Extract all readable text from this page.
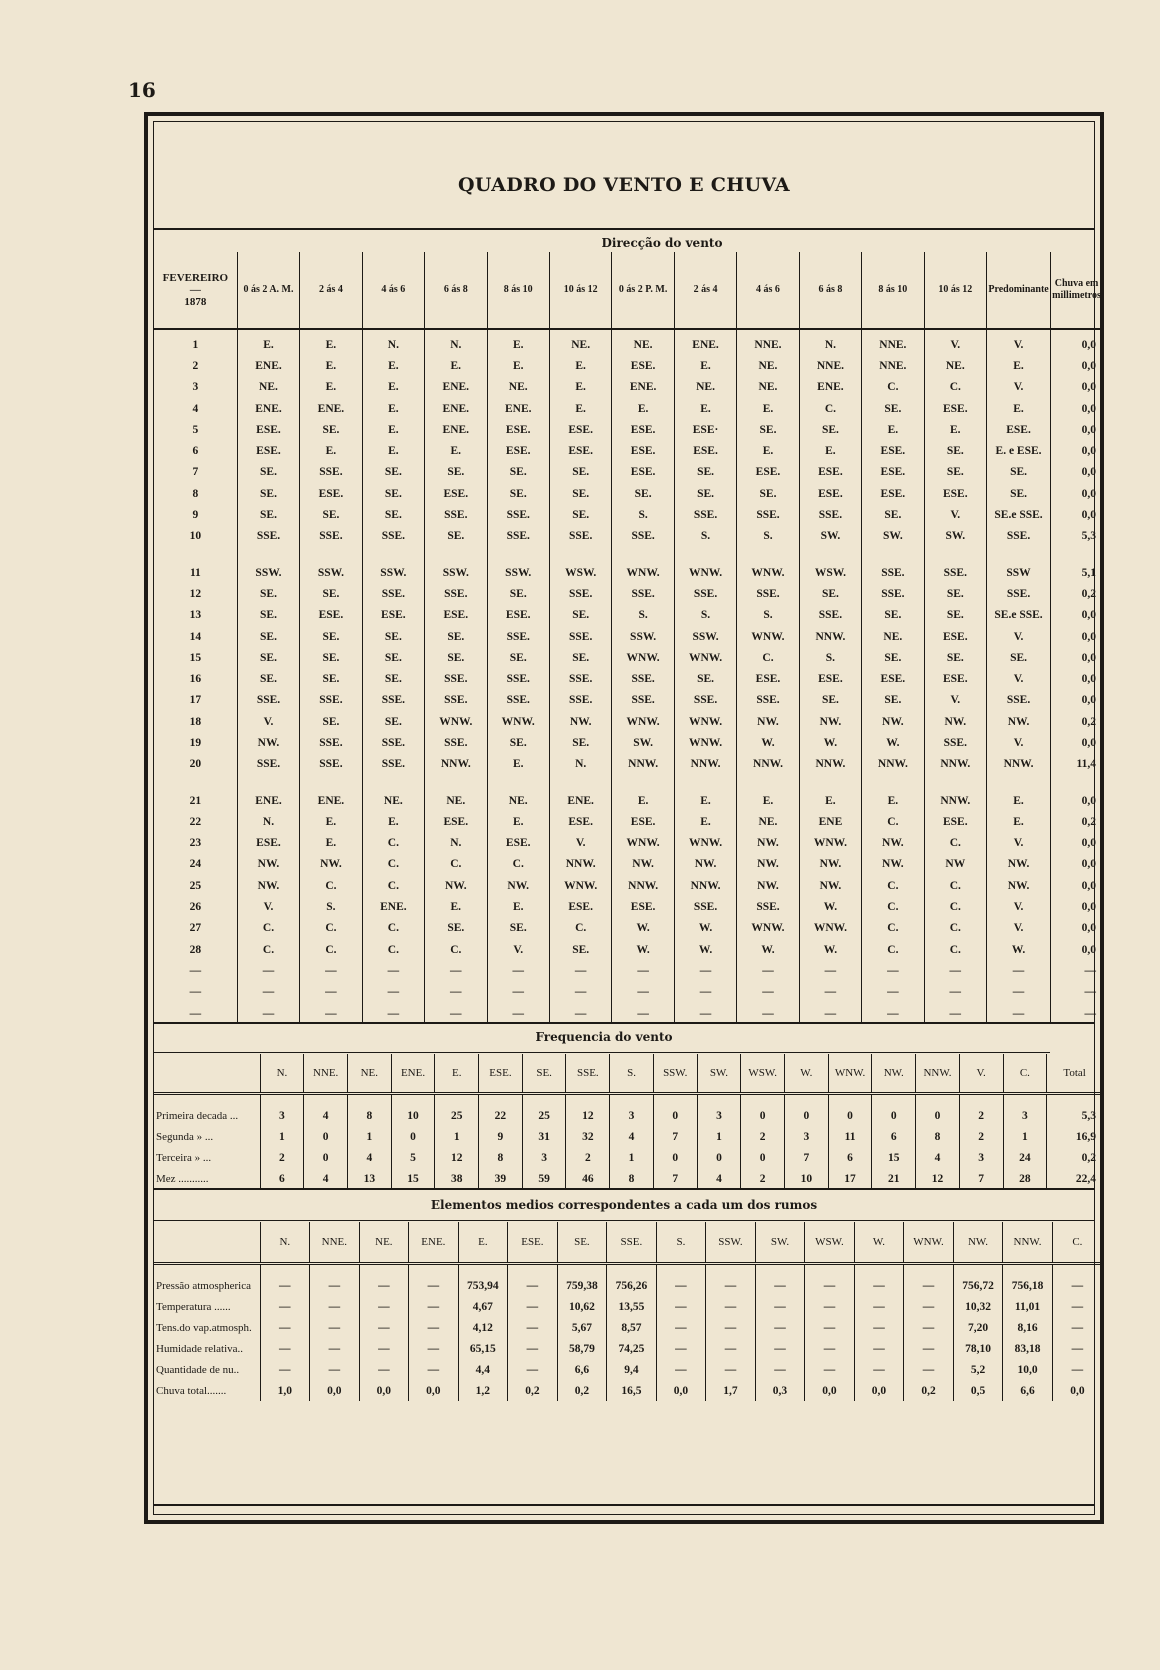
16
QUADRO DO VENTO E CHUVA
Direcção do vento
FEVEREIRO
—
1878	0 ás 2 A. M.	2 ás 4	4 ás 6	6 ás 8	8 ás 10	10 ás 12	0 ás 2 P. M.	2 ás 4	4 ás 6	6 ás 8	8 ás 10	10 ás 12	Predominante	Chuva em millimetros
1	E.	E.	N.	N.	E.	NE.	NE.	ENE.	NNE.	N.	NNE.	V.	V.	0,0
2	ENE.	E.	E.	E.	E.	E.	ESE.	E.	NE.	NNE.	NNE.	NE.	E.	0,0
3	NE.	E.	E.	ENE.	NE.	E.	ENE.	NE.	NE.	ENE.	C.	C.	V.	0,0
4	ENE.	ENE.	E.	ENE.	ENE.	E.	E.	E.	E.	C.	SE.	ESE.	E.	0,0
5	ESE.	SE.	E.	ENE.	ESE.	ESE.	ESE.	ESE·	SE.	SE.	E.	E.	ESE.	0,0
6	ESE.	E.	E.	E.	ESE.	ESE.	ESE.	ESE.	E.	E.	ESE.	SE.	E. e ESE.	0,0
7	SE.	SSE.	SE.	SE.	SE.	SE.	ESE.	SE.	ESE.	ESE.	ESE.	SE.	SE.	0,0
8	SE.	ESE.	SE.	ESE.	SE.	SE.	SE.	SE.	SE.	ESE.	ESE.	ESE.	SE.	0,0
9	SE.	SE.	SE.	SSE.	SSE.	SE.	S.	SSE.	SSE.	SSE.	SE.	V.	SE.e SSE.	0,0
10	SSE.	SSE.	SSE.	SE.	SSE.	SSE.	SSE.	S.	S.	SW.	SW.	SW.	SSE.	5,3

11	SSW.	SSW.	SSW.	SSW.	SSW.	WSW.	WNW.	WNW.	WNW.	WSW.	SSE.	SSE.	SSW	5,1
12	SE.	SE.	SSE.	SSE.	SE.	SSE.	SSE.	SSE.	SSE.	SE.	SSE.	SE.	SSE.	0,2
13	SE.	ESE.	ESE.	ESE.	ESE.	SE.	S.	S.	S.	SSE.	SE.	SE.	SE.e SSE.	0,0
14	SE.	SE.	SE.	SE.	SSE.	SSE.	SSW.	SSW.	WNW.	NNW.	NE.	ESE.	V.	0,0
15	SE.	SE.	SE.	SE.	SE.	SE.	WNW.	WNW.	C.	S.	SE.	SE.	SE.	0,0
16	SE.	SE.	SE.	SSE.	SSE.	SSE.	SSE.	SE.	ESE.	ESE.	ESE.	ESE.	V.	0,0
17	SSE.	SSE.	SSE.	SSE.	SSE.	SSE.	SSE.	SSE.	SSE.	SE.	SE.	V.	SSE.	0,0
18	V.	SE.	SE.	WNW.	WNW.	NW.	WNW.	WNW.	NW.	NW.	NW.	NW.	NW.	0,2
19	NW.	SSE.	SSE.	SSE.	SE.	SE.	SW.	WNW.	W.	W.	W.	SSE.	V.	0,0
20	SSE.	SSE.	SSE.	NNW.	E.	N.	NNW.	NNW.	NNW.	NNW.	NNW.	NNW.	NNW.	11,4

21	ENE.	ENE.	NE.	NE.	NE.	ENE.	E.	E.	E.	E.	E.	NNW.	E.	0,0
22	N.	E.	E.	ESE.	E.	ESE.	ESE.	E.	NE.	ENE	C.	ESE.	E.	0,2
23	ESE.	E.	C.	N.	ESE.	V.	WNW.	WNW.	NW.	WNW.	NW.	C.	V.	0,0
24	NW.	NW.	C.	C.	C.	NNW.	NW.	NW.	NW.	NW.	NW.	NW	NW.	0,0
25	NW.	C.	C.	NW.	NW.	WNW.	NNW.	NNW.	NW.	NW.	C.	C.	NW.	0,0
26	V.	S.	ENE.	E.	E.	ESE.	ESE.	SSE.	SSE.	W.	C.	C.	V.	0,0
27	C.	C.	C.	SE.	SE.	C.	W.	W.	WNW.	WNW.	C.	C.	V.	0,0
28	C.	C.	C.	C.	V.	SE.	W.	W.	W.	W.	C.	C.	W.	0,0
—	—	—	—	—	—	—	—	—	—	—	—	—	—	—
—	—	—	—	—	—	—	—	—	—	—	—	—	—	—
—	—	—	—	—	—	—	—	—	—	—	—	—	—	—
Frequencia do vento
	N.	NNE.	NE.	ENE.	E.	ESE.	SE.	SSE.	S.	SSW.	SW.	WSW.	W.	WNW.	NW.	NNW.	V.	C.	Total
Primeira decada ...	3	4	8	10	25	22	25	12	3	0	3	0	0	0	0	0	2	3	5,3
Segunda » ...	1	0	1	0	1	9	31	32	4	7	1	2	3	11	6	8	2	1	16,9
Terceira » ...	2	0	4	5	12	8	3	2	1	0	0	0	7	6	15	4	3	24	0,2
Mez ...........	6	4	13	15	38	39	59	46	8	7	4	2	10	17	21	12	7	28	22,4
Elementos medios correspondentes a cada um dos rumos
	N.	NNE.	NE.	ENE.	E.	ESE.	SE.	SSE.	S.	SSW.	SW.	WSW.	W.	WNW.	NW.	NNW.	C.
Pressão atmospherica	—	—	—	—	753,94	—	759,38	756,26	—	—	—	—	—	—	756,72	756,18	—
Temperatura ......	—	—	—	—	4,67	—	10,62	13,55	—	—	—	—	—	—	10,32	11,01	—
Tens.do vap.atmosph.	—	—	—	—	4,12	—	5,67	8,57	—	—	—	—	—	—	7,20	8,16	—
Humidade relativa..	—	—	—	—	65,15	—	58,79	74,25	—	—	—	—	—	—	78,10	83,18	—
Quantidade de nu..	—	—	—	—	4,4	—	6,6	9,4	—	—	—	—	—	—	5,2	10,0	—
Chuva total.......	1,0	0,0	0,0	0,0	1,2	0,2	0,2	16,5	0,0	1,7	0,3	0,0	0,0	0,2	0,5	6,6	0,0
